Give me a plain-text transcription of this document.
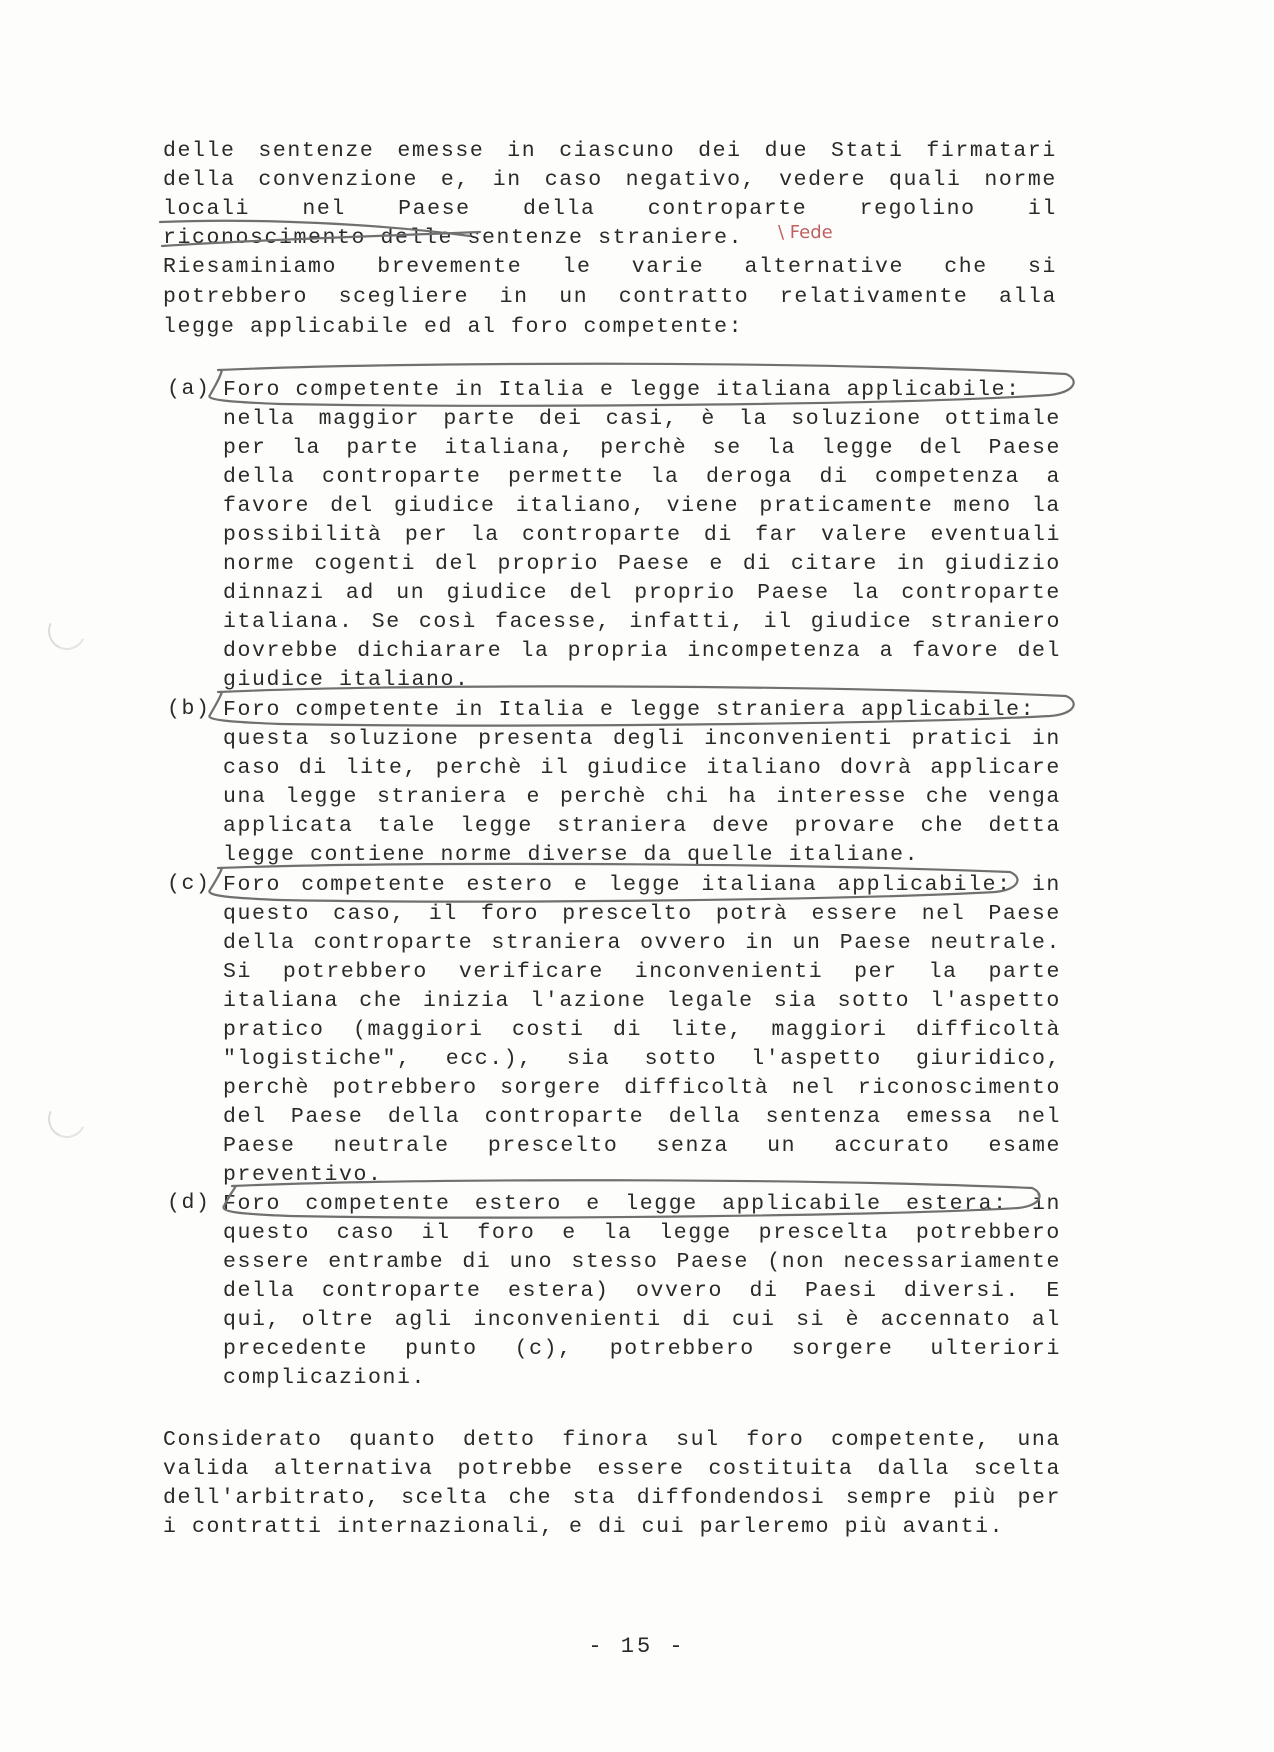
delle sentenze emesse in ciascuno dei due Stati firmatari
della convenzione e, in caso negativo, vedere quali norme
locali nel Paese della controparte regolino il
riconoscimento delle sentenze straniere. \ Fede
Riesaminiamo brevemente le varie alternative che si
potrebbero scegliere in un contratto relativamente alla
legge applicabile ed al foro competente:
(a) Foro competente in Italia e legge italiana applicabile:
nella maggior parte dei casi, è la soluzione ottimale
per la parte italiana, perchè se la legge del Paese
della controparte permette la deroga di competenza a
favore del giudice italiano, viene praticamente meno la
possibilità per la controparte di far valere eventuali
norme cogenti del proprio Paese e di citare in giudizio
dinnazi ad un giudice del proprio Paese la controparte
italiana. Se così facesse, infatti, il giudice straniero
dovrebbe dichiarare la propria incompetenza a favore del
giudice italiano.
(b) Foro competente in Italia e legge straniera applicabile:
questa soluzione presenta degli inconvenienti pratici in
caso di lite, perchè il giudice italiano dovrà applicare
una legge straniera e perchè chi ha interesse che venga
applicata tale legge straniera deve provare che detta
legge contiene norme diverse da quelle italiane.
(c) Foro competente estero e legge italiana applicabile: in
questo caso, il foro prescelto potrà essere nel Paese
della controparte straniera ovvero in un Paese neutrale.
Si potrebbero verificare inconvenienti per la parte
italiana che inizia l'azione legale sia sotto l'aspetto
pratico (maggiori costi di lite, maggiori difficoltà
"logistiche", ecc.), sia sotto l'aspetto giuridico,
perchè potrebbero sorgere difficoltà nel riconoscimento
del Paese della controparte della sentenza emessa nel
Paese neutrale prescelto senza un accurato esame
preventivo.
(d) Foro competente estero e legge applicabile estera: in
questo caso il foro e la legge prescelta potrebbero
essere entrambe di uno stesso Paese (non necessariamente
della controparte estera) ovvero di Paesi diversi. E
qui, oltre agli inconvenienti di cui si è accennato al
precedente punto (c), potrebbero sorgere ulteriori
complicazioni.
Considerato quanto detto finora sul foro competente, una
valida alternativa potrebbe essere costituita dalla scelta
dell'arbitrato, scelta che sta diffondendosi sempre più per
i contratti internazionali, e di cui parleremo più avanti.
- 15 -
